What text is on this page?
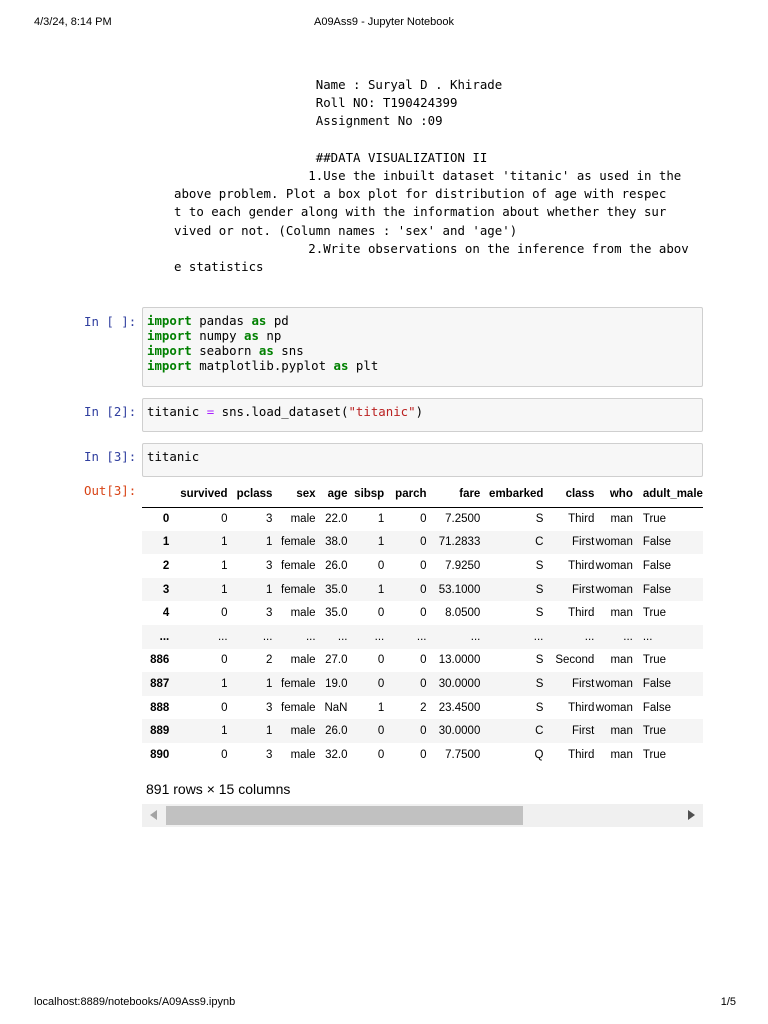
4/3/24, 8:14 PM	A09Ass9 - Jupyter Notebook
Name : Suryal D . Khirade
Roll NO: T190424399
Assignment No :09

##DATA VISUALIZATION II
1.Use the inbuilt dataset 'titanic' as used in the
above problem. Plot a box plot for distribution of age with respec
t to each gender along with the information about whether they sur
vived or not. (Column names : 'sex' and 'age')
2.Write observations on the inference from the abov
e statistics
In [ ]: import pandas as pd
import numpy as np
import seaborn as sns
import matplotlib.pyplot as plt
In [2]: titanic = sns.load_dataset("titanic")
In [3]: titanic
Out[3]:
		survived	pclass	sex	age	sibsp	parch	fare	embarked	class	who	adult_male
0	0	3	male	22.0	1	0	7.2500	S	Third	man	True
1	1	1	female	38.0	1	0	71.2833	C	First	woman	False
2	1	3	female	26.0	0	0	7.9250	S	Third	woman	False
3	1	1	female	35.0	1	0	53.1000	S	First	woman	False
4	0	3	male	35.0	0	0	8.0500	S	Third	man	True
...	...	...	...	...	...	...	...	...	...	...	...
886	0	2	male	27.0	0	0	13.0000	S	Second	man	True
887	1	1	female	19.0	0	0	30.0000	S	First	woman	False
888	0	3	female	NaN	1	2	23.4500	S	Third	woman	False
889	1	1	male	26.0	0	0	30.0000	C	First	man	True
890	0	3	male	32.0	0	0	7.7500	Q	Third	man	True
891 rows × 15 columns
localhost:8889/notebooks/A09Ass9.ipynb	1/5
